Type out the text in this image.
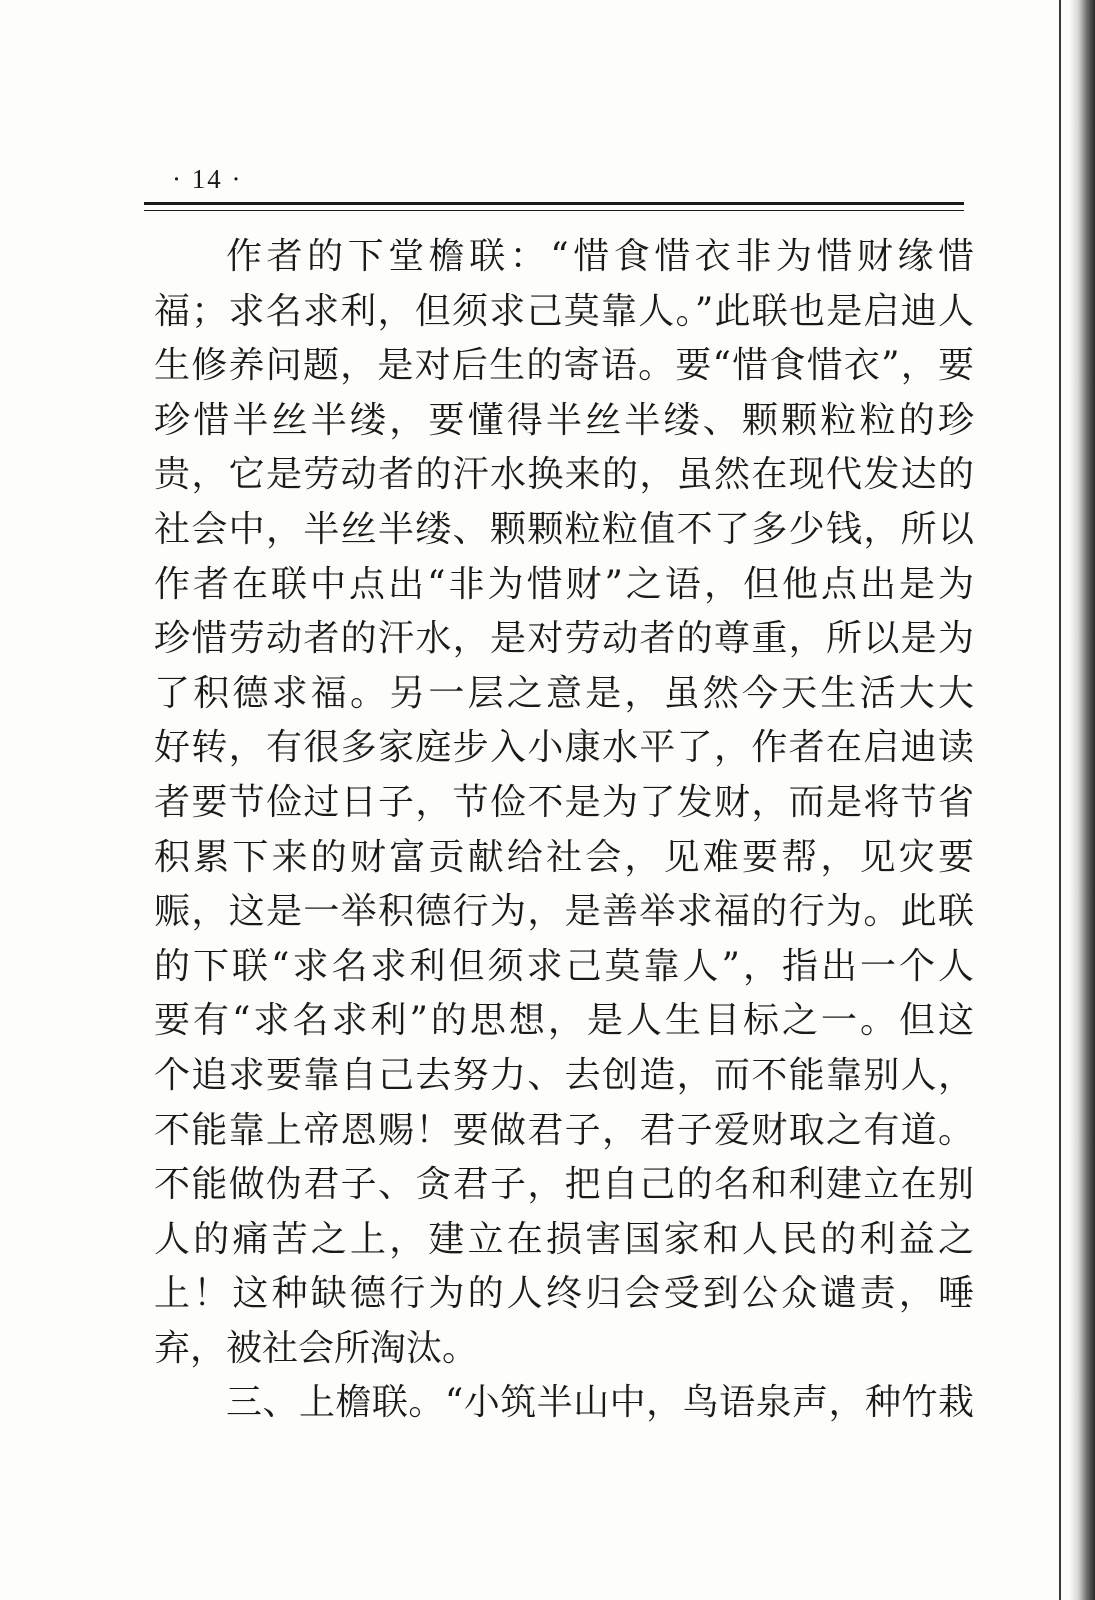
· 14 ·
作者的下堂檐联：“惜食惜衣非为惜财缘惜
福；求名求利，但须求己莫靠人。”此联也是启迪人
生修养问题，是对后生的寄语。要“惜食惜衣”，要
珍惜半丝半缕，要懂得半丝半缕、颗颗粒粒的珍
贵，它是劳动者的汗水换来的，虽然在现代发达的
社会中，半丝半缕、颗颗粒粒值不了多少钱，所以
作者在联中点出“非为惜财”之语，但他点出是为
珍惜劳动者的汗水，是对劳动者的尊重，所以是为
了积德求福。另一层之意是，虽然今天生活大大
好转，有很多家庭步入小康水平了，作者在启迪读
者要节俭过日子，节俭不是为了发财，而是将节省
积累下来的财富贡献给社会，见难要帮，见灾要
赈，这是一举积德行为，是善举求福的行为。此联
的下联“求名求利但须求己莫靠人”，指出一个人
要有“求名求利”的思想，是人生目标之一。但这
个追求要靠自己去努力、去创造，而不能靠别人，
不能靠上帝恩赐！要做君子，君子爱财取之有道。
不能做伪君子、贪君子，把自己的名和利建立在别
人的痛苦之上，建立在损害国家和人民的利益之
上！这种缺德行为的人终归会受到公众谴责，唾
弃，被社会所淘汰。
三、上檐联。“小筑半山中，鸟语泉声，种竹栽
